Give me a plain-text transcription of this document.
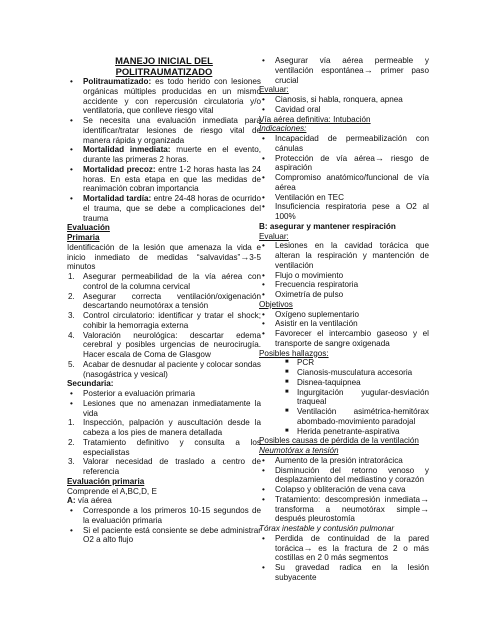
MANEJO INICIAL DEL

POLITRAUMATIZADO

• Politraumatizado: es todo herido con lesiones orgánicas múltiples producidas en un mismo accidente y con repercusión circulatoria y/o ventilatoria, que conlleve riesgo vital
• Se necesita una evaluación inmediata para identificar/tratar lesiones de riesgo vital de manera rápida y organizada
• Mortalidad inmediata: muerte en el evento, durante las primeras 2 horas.
• Mortalidad precoz: entre 1-2 horas hasta las 24 horas. En esta etapa en que las medidas de reanimación cobran importancia
• Mortalidad tardía: entre 24-48 horas de ocurrido el trauma, que se debe a complicaciones del trauma

Evaluación

Primaria

Identificación de la lesión que amenaza la vida e inicio inmediato de medidas “salvavidas”→3-5 minutos

1. Asegurar permeabilidad de la vía aérea con control de la columna cervical
2. Asegurar correcta ventilación/oxigenación descartando neumotórax a tensión
3. Control circulatorio: identificar y tratar el shock; cohibir la hemorragia externa
4. Valoración neurológica: descartar edema cerebral y posibles urgencias de neurocirugía. Hacer escala de Coma de Glasgow
5. Acabar de desnudar al paciente y colocar sondas (nasogástrica y vesical)

Secundaria:

• Posterior a evaluación primaria
• Lesiones que no amenazan inmediatamente la vida
1. Inspección, palpación y auscultación desde la cabeza a los pies de manera detallada
2. Tratamiento definitivo y consulta a los especialistas
3. Valorar necesidad de traslado a centro de referencia

Evaluación primaria

Comprende el A,BC,D, E

A: vía aérea

• Corresponde a los primeros 10-15 segundos de la evaluación primaria
• Si el paciente está consiente se debe administrar O2 a alto flujo
• Asegurar vía aérea permeable y ventilación espontánea→ primer paso crucial

Evaluar:

• Cianosis, si habla, ronquera, apnea
• Cavidad oral

Vía aérea definitiva: Intubación

Indicaciones:

• Incapacidad de permeabilización con cánulas
• Protección de vía aérea→ riesgo de aspiración
• Compromiso anatómico/funcional de vía aérea
• Ventilación en TEC
• Insuficiencia respiratoria pese a O2 al 100%

B: asegurar y mantener respiración

Evaluar:

• Lesiones en la cavidad torácica que alteran la respiración y mantención de ventilación
• Flujo o movimiento
• Frecuencia respiratoria
• Oximetría de pulso

Objetivos

• Oxígeno suplementario
• Asistir en la ventilación
• Favorecer el intercambio gaseoso y el transporte de sangre oxigenada

Posibles hallazgos:

■ PCR
■ Cianosis-musculatura accesoria
■ Disnea-taquipnea
■ Ingurgitación yugular-desviación traqueal
■ Ventilación asimétrica-hemitórax abombado-movimiento paradojal
■ Herida penetrante-aspirativa

Posibles causas de pérdida de la ventilación

Neumotórax a tensión

• Aumento de la presión intratorácica
• Disminución del retorno venoso y desplazamiento del mediastino y corazón
• Colapso y obliteración de vena cava
• Tratamiento: descompresión inmediata→ transforma a neumotórax simple→ después pleurostomía

Tórax inestable y contusión pulmonar

• Perdida de continuidad de la pared torácica→ es la fractura de 2 o más costillas en 2 0 más segmentos
• Su gravedad radica en la lesión subyacente
